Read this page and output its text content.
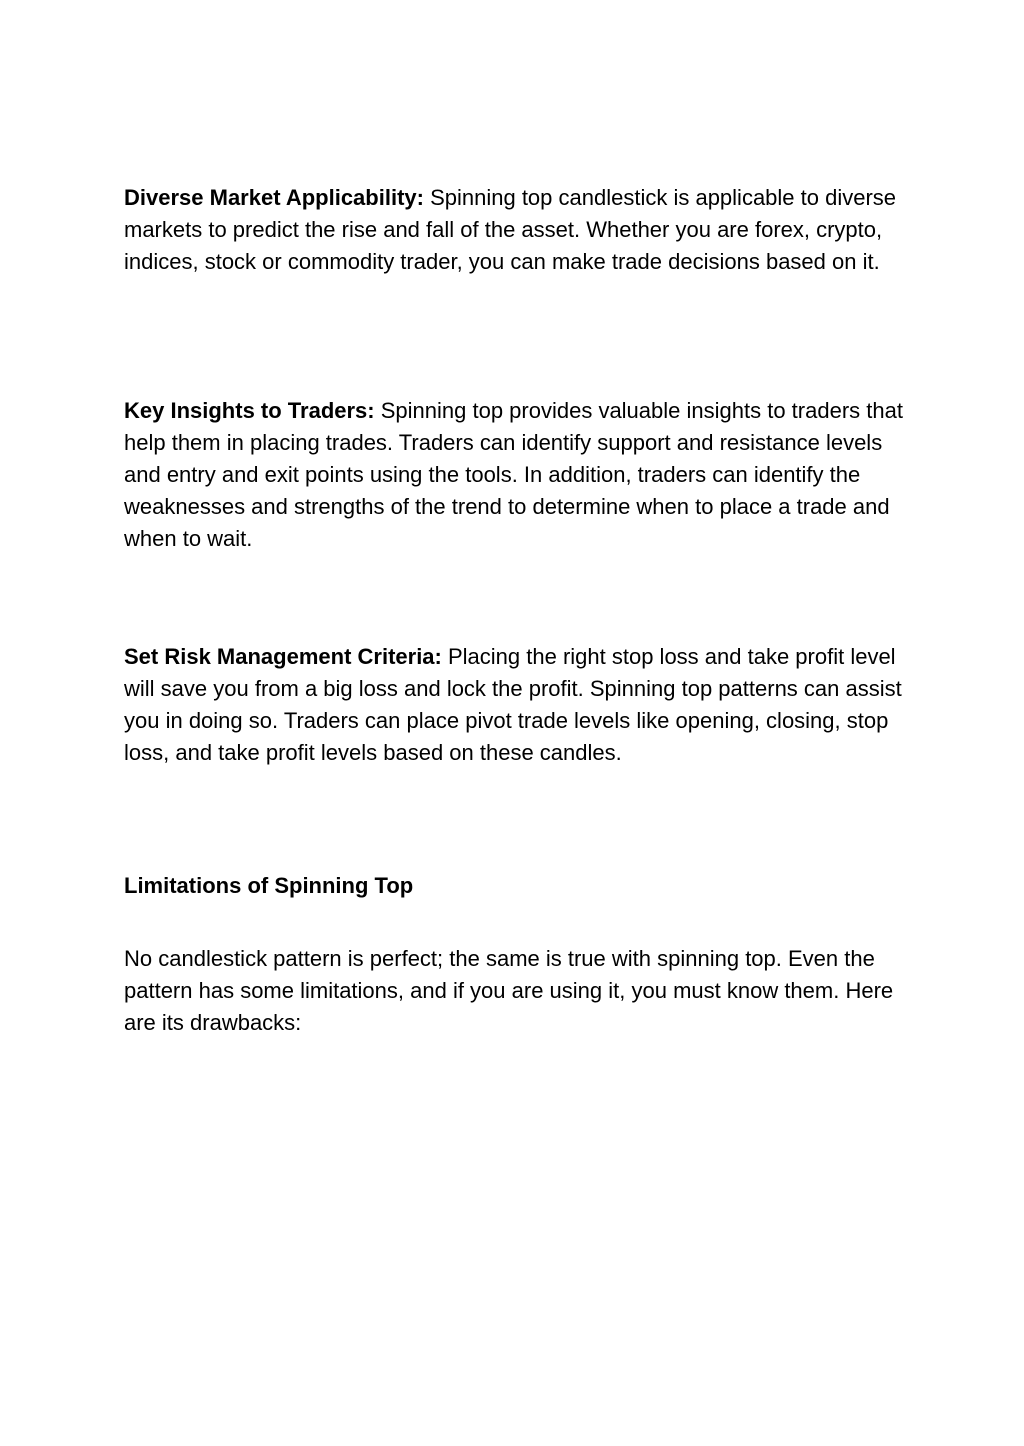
Diverse Market Applicability: Spinning top candlestick is applicable to diverse markets to predict the rise and fall of the asset. Whether you are forex, crypto, indices, stock or commodity trader, you can make trade decisions based on it.

Key Insights to Traders: Spinning top provides valuable insights to traders that help them in placing trades. Traders can identify support and resistance levels and entry and exit points using the tools. In addition, traders can identify the weaknesses and strengths of the trend to determine when to place a trade and when to wait.

Set Risk Management Criteria: Placing the right stop loss and take profit level will save you from a big loss and lock the profit. Spinning top patterns can assist you in doing so. Traders can place pivot trade levels like opening, closing, stop loss, and take profit levels based on these candles.

Limitations of Spinning Top

No candlestick pattern is perfect; the same is true with spinning top. Even the pattern has some limitations, and if you are using it, you must know them. Here are its drawbacks:
